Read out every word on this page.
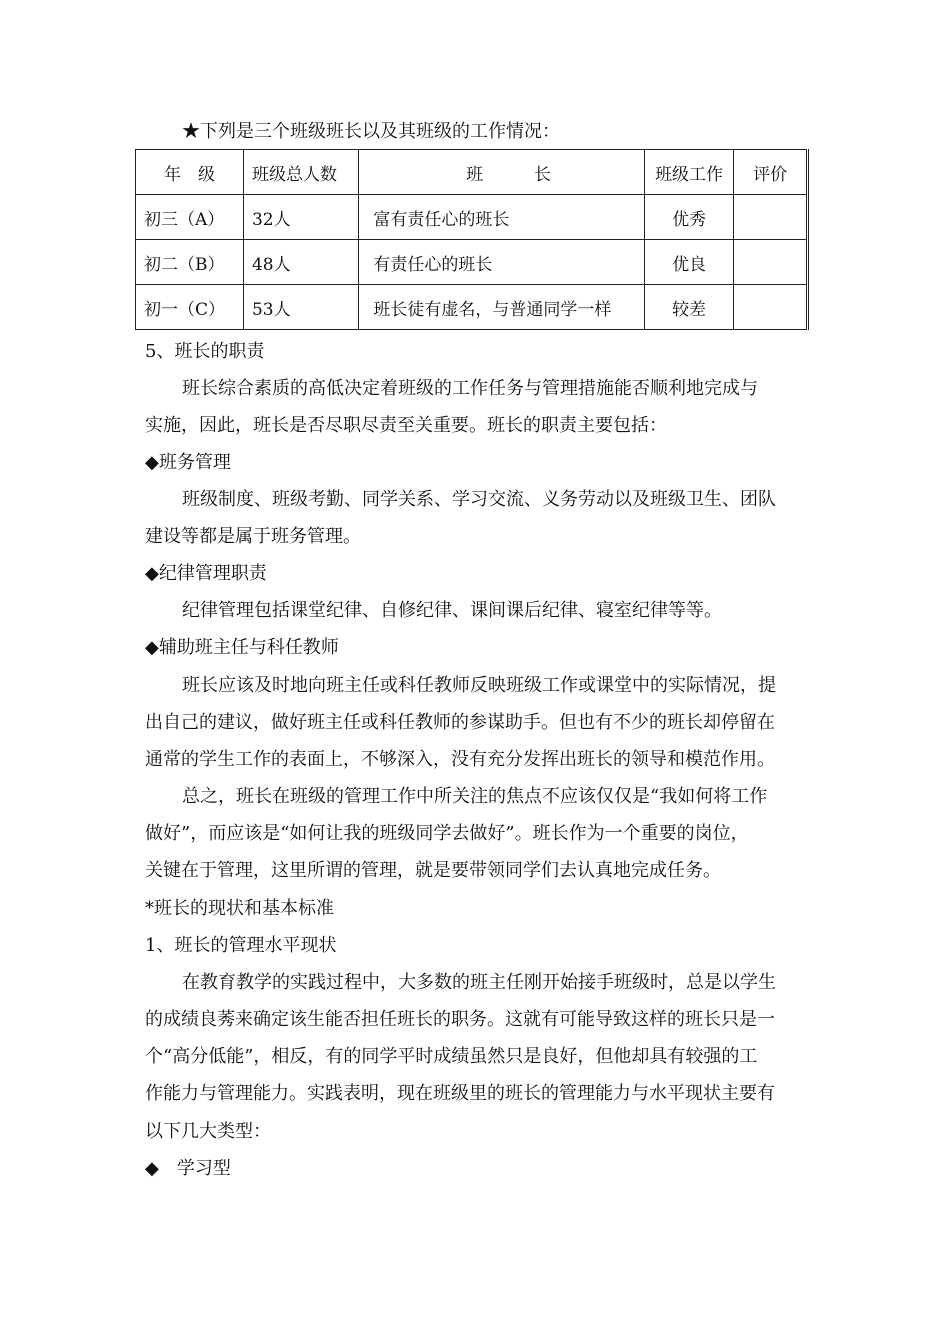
★下列是三个班级班长以及其班级的工作情况：
年　级	班级总人数	班　　　长	班级工作	评价
初三（A）	32人	富有责任心的班长	优秀	
初二（B）	48人	有责任心的班长	优良	
初一（C）	53人	班长徒有虚名，与普通同学一样	较差	
5、班长的职责
班长综合素质的高低决定着班级的工作任务与管理措施能否顺利地完成与
实施，因此，班长是否尽职尽责至关重要。班长的职责主要包括：
◆班务管理
班级制度、班级考勤、同学关系、学习交流、义务劳动以及班级卫生、团队
建设等都是属于班务管理。
◆纪律管理职责
纪律管理包括课堂纪律、自修纪律、课间课后纪律、寝室纪律等等。
◆辅助班主任与科任教师
班长应该及时地向班主任或科任教师反映班级工作或课堂中的实际情况，提
出自己的建议，做好班主任或科任教师的参谋助手。但也有不少的班长却停留在
通常的学生工作的表面上，不够深入，没有充分发挥出班长的领导和模范作用。
总之，班长在班级的管理工作中所关注的焦点不应该仅仅是“我如何将工作
做好”，而应该是“如何让我的班级同学去做好”。班长作为一个重要的岗位，
关键在于管理，这里所谓的管理，就是要带领同学们去认真地完成任务。
*班长的现状和基本标准
1、班长的管理水平现状
在教育教学的实践过程中，大多数的班主任刚开始接手班级时，总是以学生
的成绩良莠来确定该生能否担任班长的职务。这就有可能导致这样的班长只是一
个“高分低能”，相反，有的同学平时成绩虽然只是良好，但他却具有较强的工
作能力与管理能力。实践表明，现在班级里的班长的管理能力与水平现状主要有
以下几大类型：
◆　学习型
